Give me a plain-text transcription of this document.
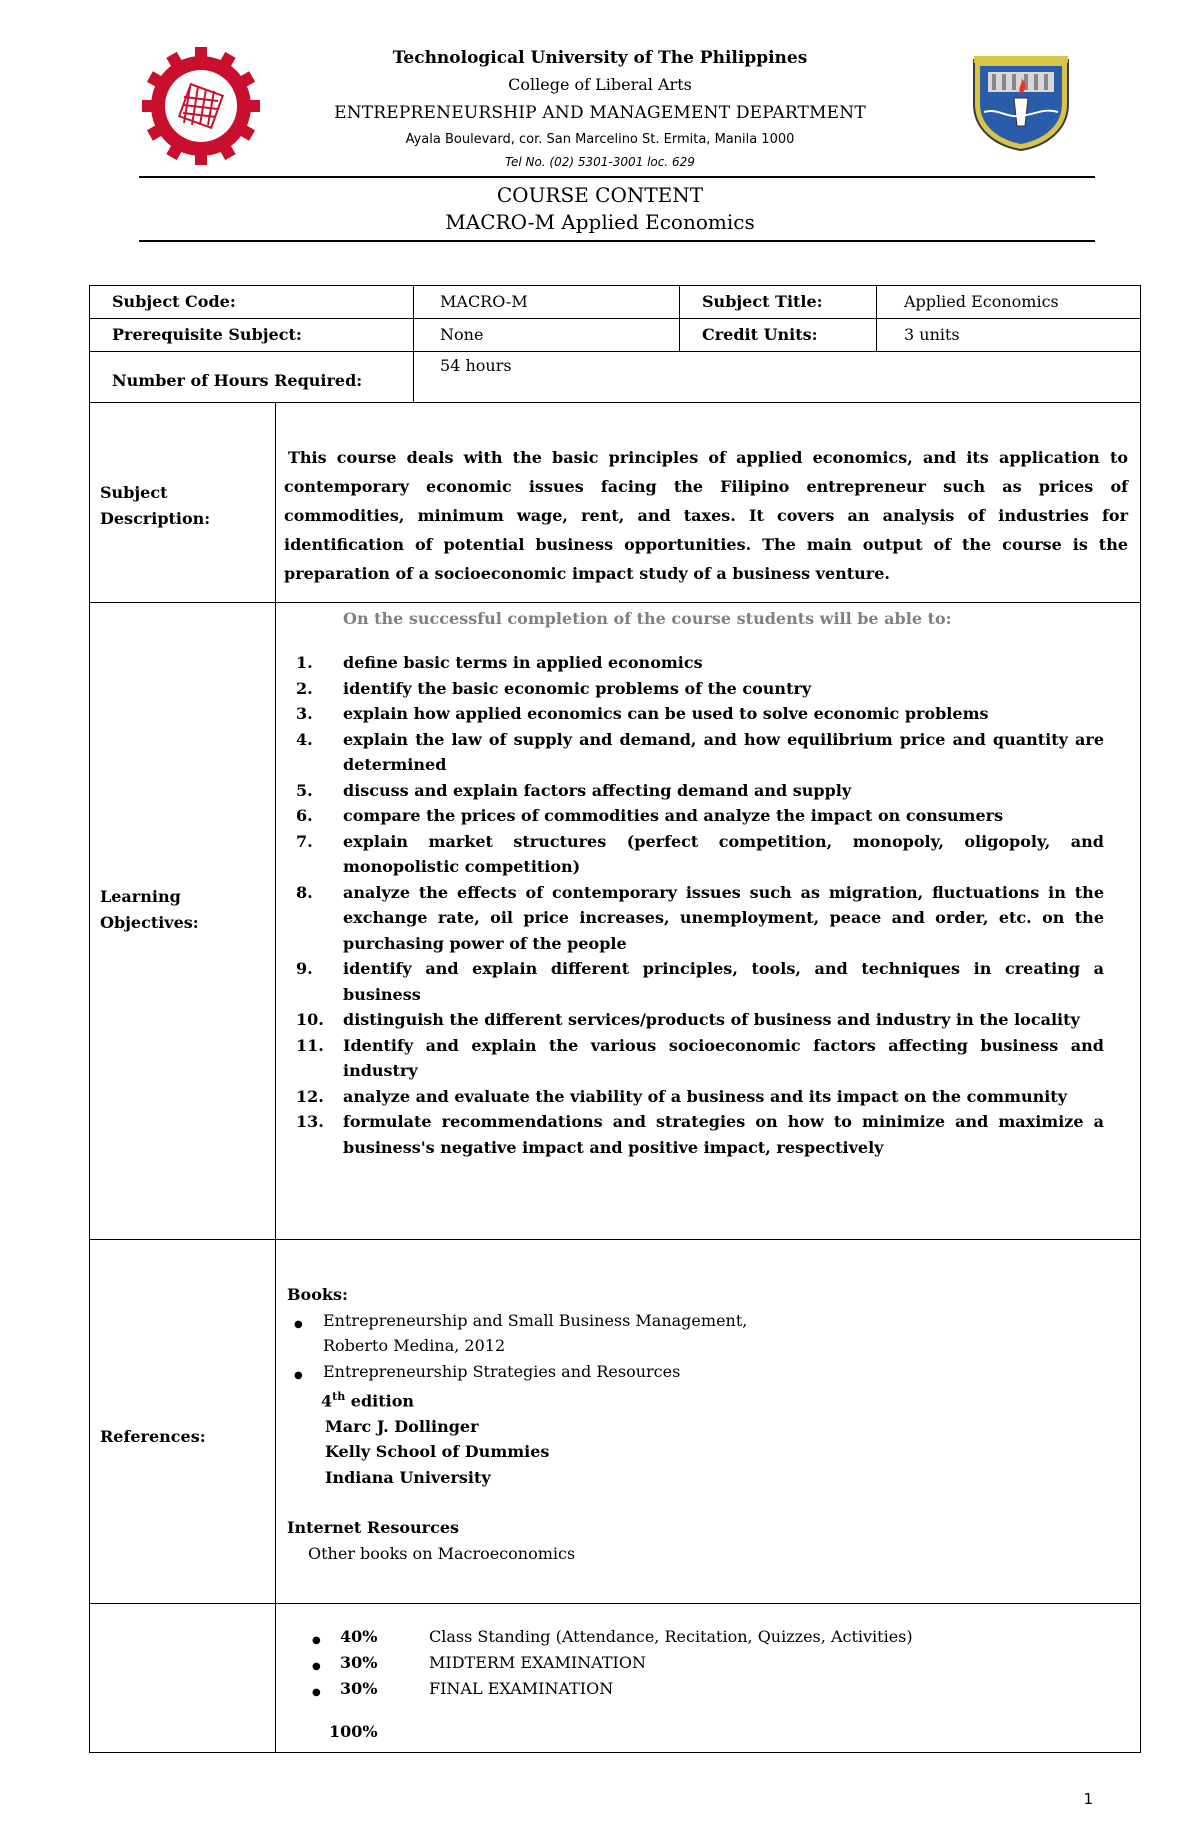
Technological University of The Philippines
College of Liberal Arts
ENTREPRENEURSHIP AND MANAGEMENT DEPARTMENT
Ayala Boulevard, cor. San Marcelino St. Ermita, Manila 1000
Tel No. (02) 5301-3001 loc. 629
COURSE CONTENT
MACRO-M Applied Economics
Subject Code:	MACRO-M	Subject Title:	Applied Economics
Prerequisite Subject:	None	Credit Units:	3 units
Number of Hours Required:
54 hours
Subject
Description:
This course deals with the basic principles of applied economics, and its application to contemporary economic issues facing the Filipino entrepreneur such as prices of commodities, minimum wage, rent, and taxes. It covers an analysis of industries for identification of potential business opportunities. The main output of the course is the preparation of a socioeconomic impact study of a business venture.
Learning
Objectives:
On the successful completion of the course students will be able to:
1.	define basic terms in applied economics
2.	identify the basic economic problems of the country
3.	explain how applied economics can be used to solve economic problems
4.	explain the law of supply and demand, and how equilibrium price and quantity are determined
5.	discuss and explain factors affecting demand and supply
6.	compare the prices of commodities and analyze the impact on consumers
7.	explain market structures (perfect competition, monopoly, oligopoly, and monopolistic competition)
8.	analyze the effects of contemporary issues such as migration, fluctuations in the exchange rate, oil price increases, unemployment, peace and order, etc. on the purchasing power of the people
9.	identify and explain different principles, tools, and techniques in creating a business
10.	distinguish the different services/products of business and industry in the locality
11.	Identify and explain the various socioeconomic factors affecting business and industry
12.	analyze and evaluate the viability of a business and its impact on the community
13.	formulate recommendations and strategies on how to minimize and maximize a business's negative impact and positive impact, respectively
References:
Books:
● Entrepreneurship and Small Business Management,
Roberto Medina, 2012
● Entrepreneurship Strategies and Resources
4th edition
Marc J. Dollinger
Kelly School of Dummies
Indiana University
Internet Resources
Other books on Macroeconomics
● 40%	Class Standing (Attendance, Recitation, Quizzes, Activities)
● 30%	MIDTERM EXAMINATION
● 30%	FINAL EXAMINATION
100%
1
